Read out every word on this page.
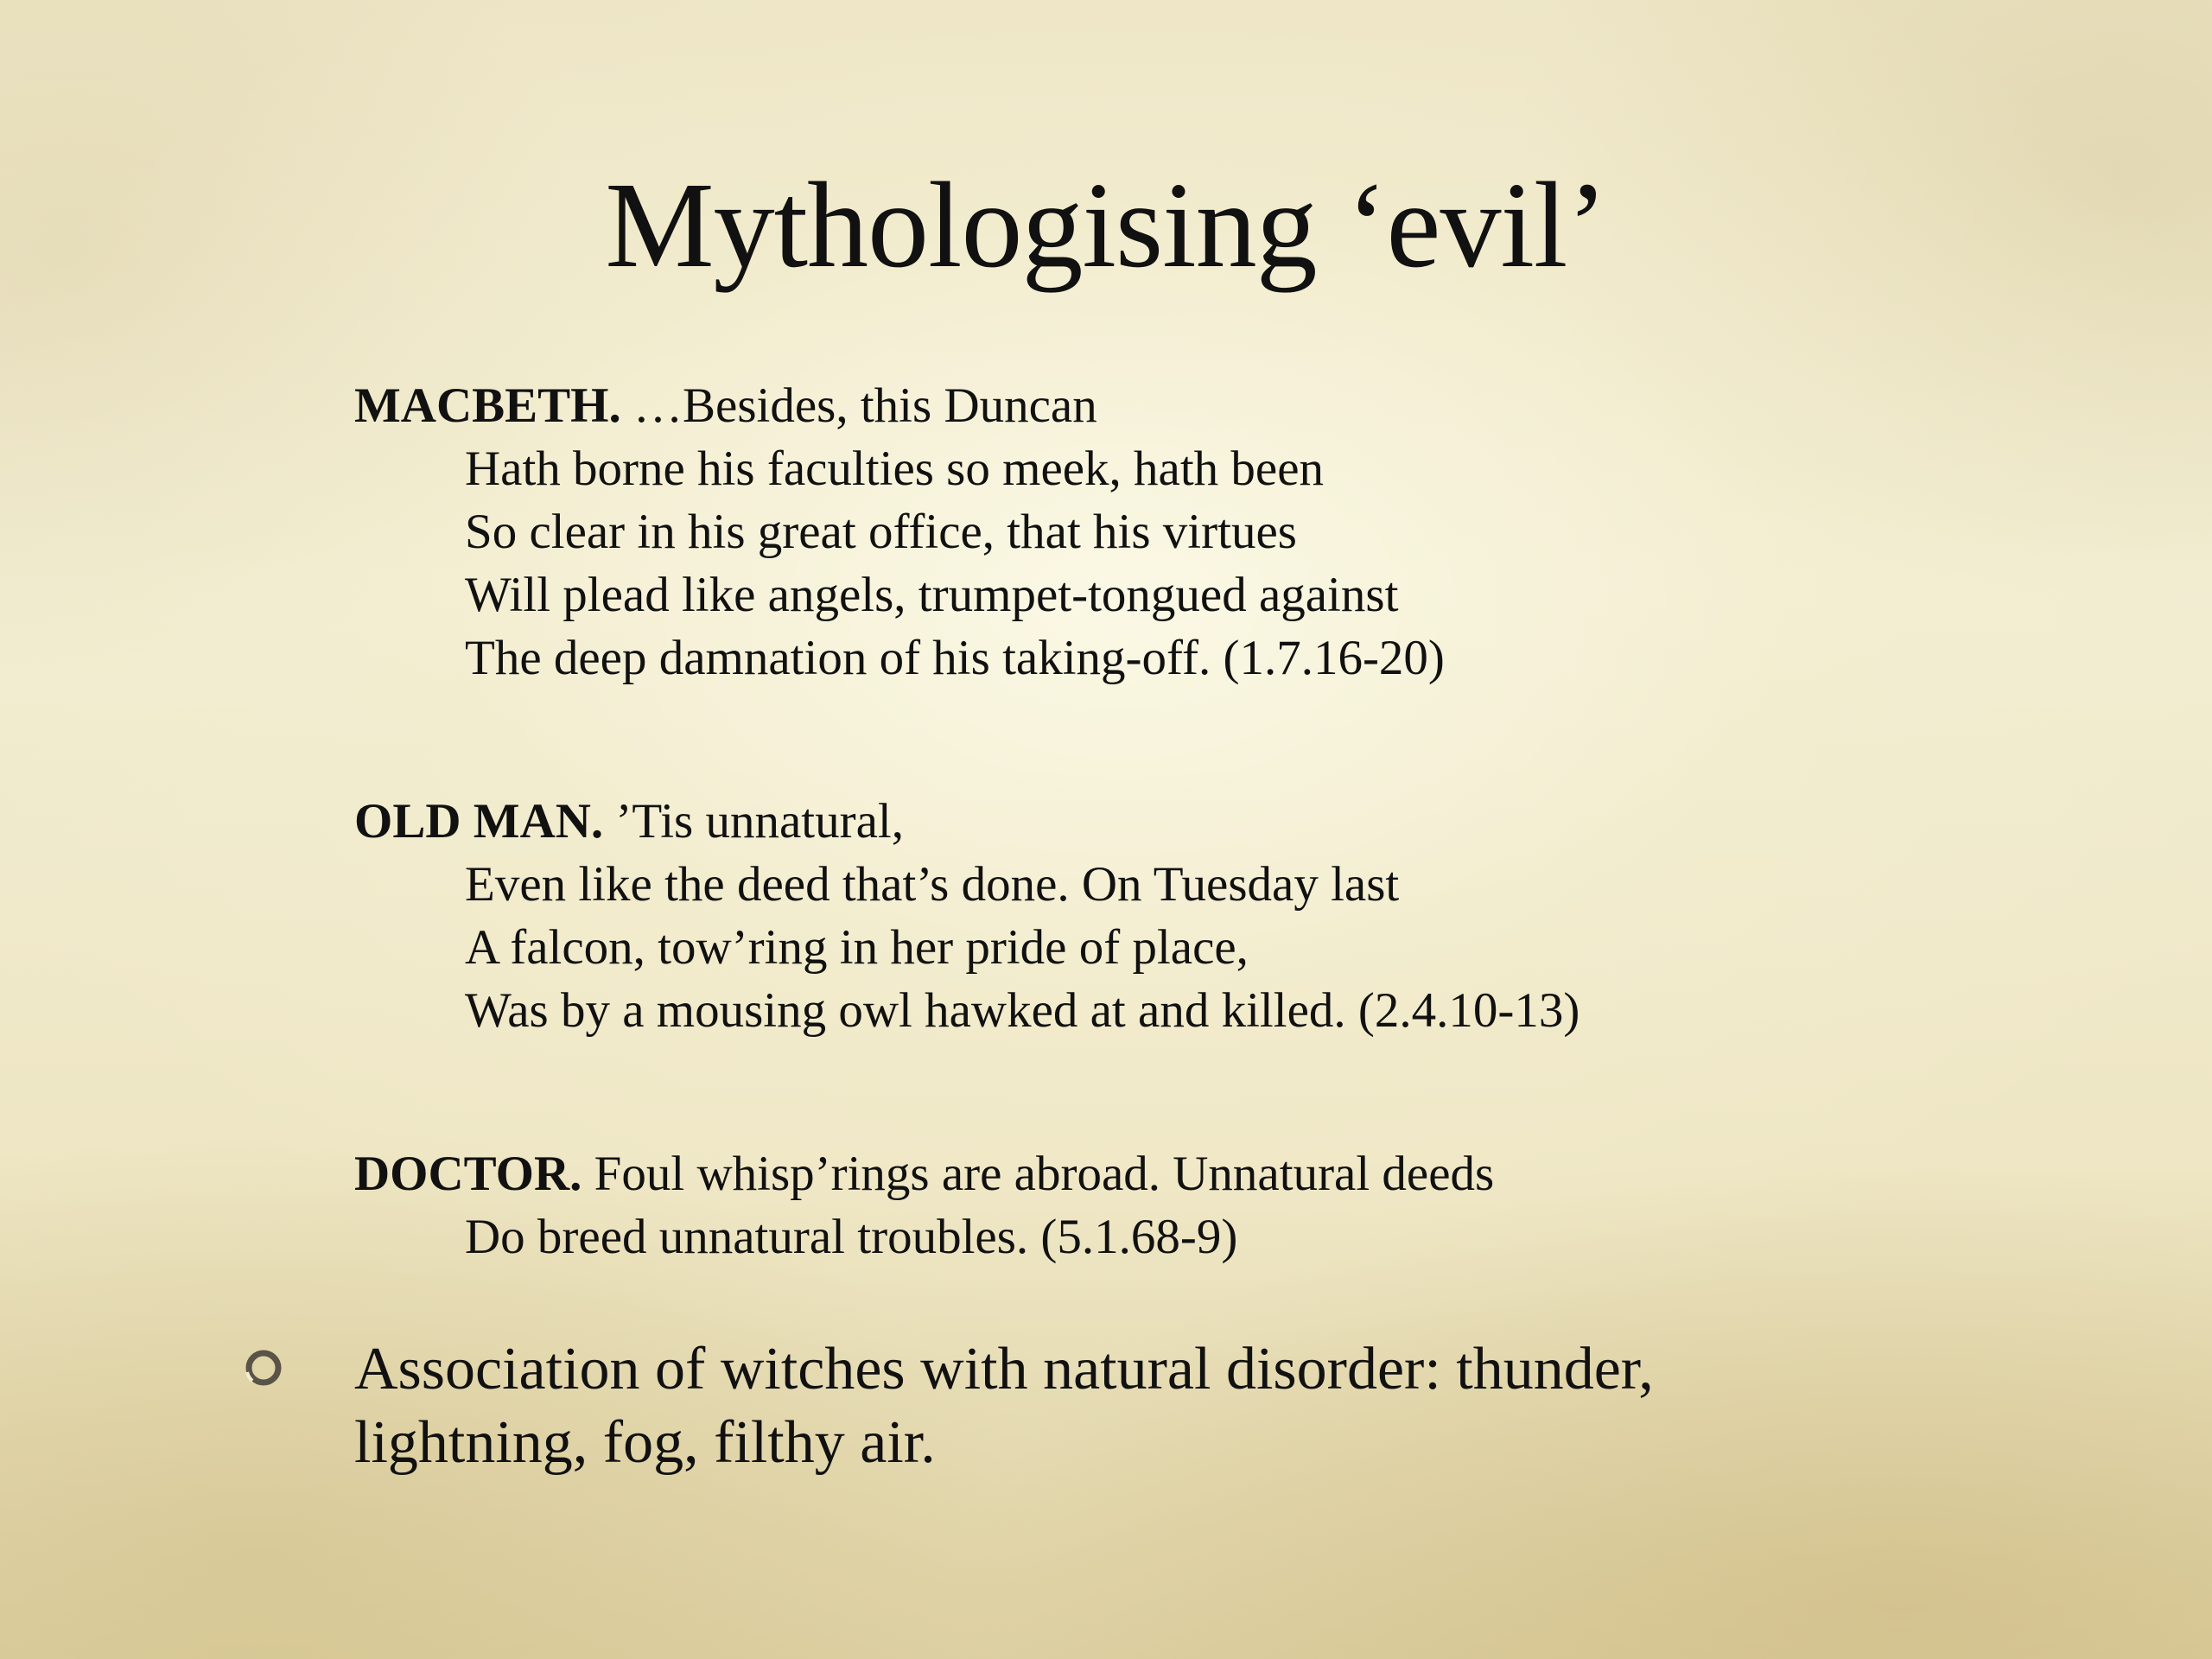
Mythologising ‘evil’
MACBETH. …Besides, this Duncan
Hath borne his faculties so meek, hath been
So clear in his great office, that his virtues
Will plead like angels, trumpet-tongued against
The deep damnation of his taking-off. (1.7.16-20)
OLD MAN. ’Tis unnatural,
Even like the deed that’s done. On Tuesday last
A falcon, tow’ring in her pride of place,
Was by a mousing owl hawked at and killed. (2.4.10-13)
DOCTOR. Foul whisp’rings are abroad. Unnatural deeds
Do breed unnatural troubles. (5.1.68-9)
Association of witches with natural disorder: thunder, lightning, fog, filthy air.
